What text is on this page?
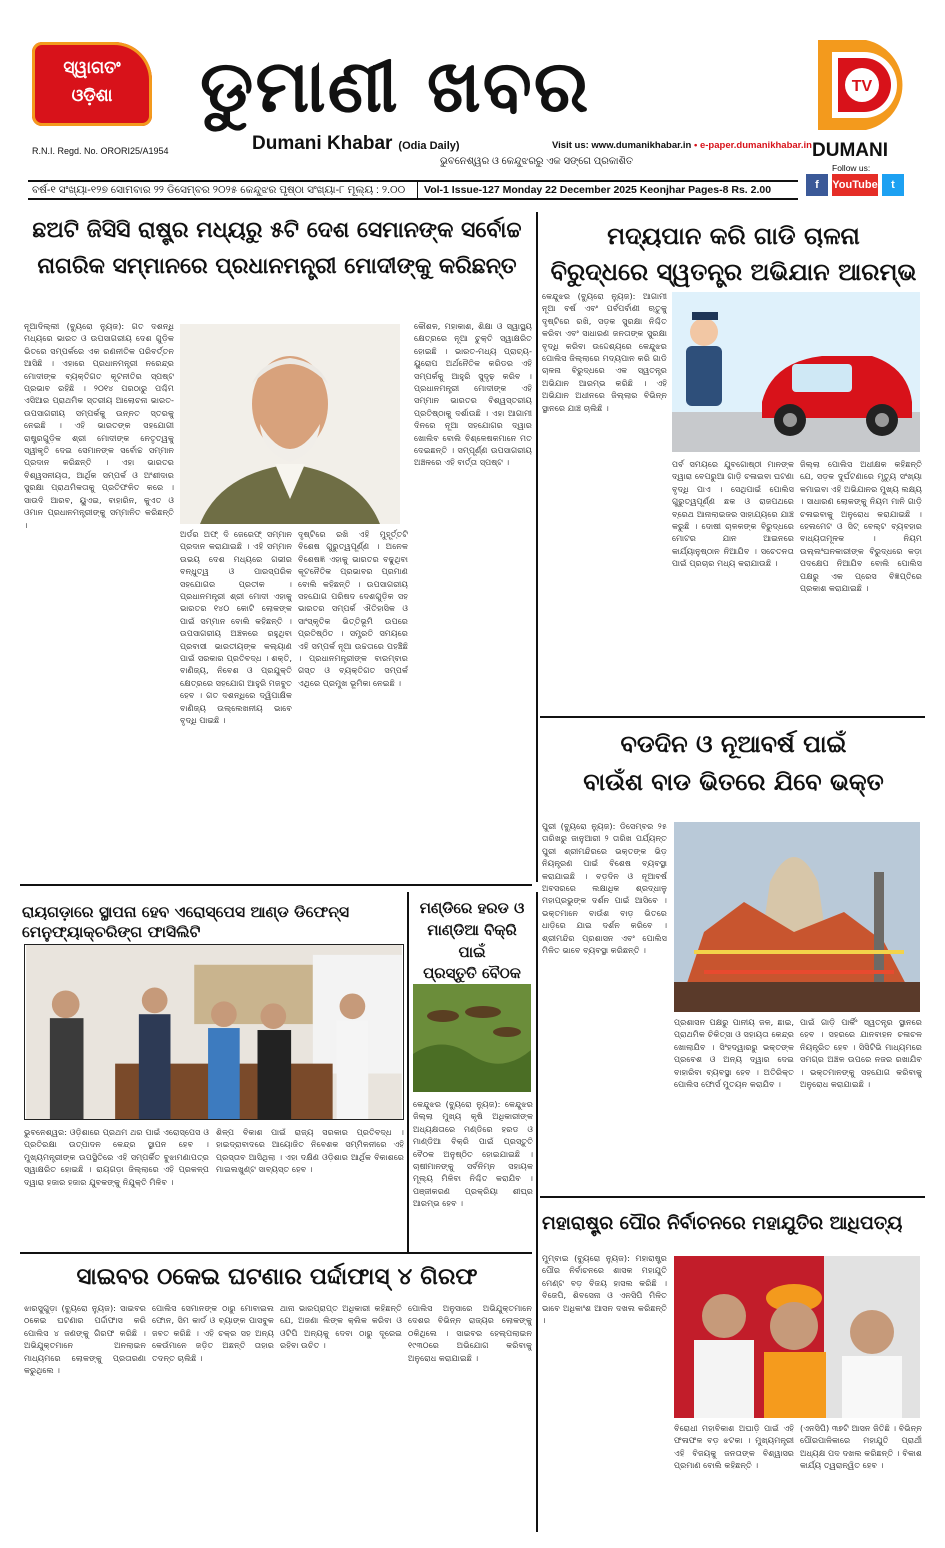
ସ୍ୱାଗତଂ
ଓଡ଼ିଶା	ଡୁମାଣୀ ଖବର
Dumani Khabar (Odia Daily)
R.N.I. Regd. No. ORORI25/A1954	Visit us: www.dumanikhabar.in • e-paper.dumanikhabar.in
ଭୁବନେଶ୍ୱର ଓ କେନ୍ଦୁଝରରୁ ଏକ ସଙ୍ଗେ ପ୍ରକାଶିତ
TV
DUMANI
Follow us:
f	YouTube	t
ବର୍ଷ-୧ ସଂଖ୍ୟା-୧୨୭ ସୋମବାର ୨୨ ଡିସେମ୍ବର ୨୦୨୫ କେନ୍ଦୁଝର ପୃଷ୍ଠା ସଂଖ୍ୟା-୮ ମୂଲ୍ୟ : ୨.୦୦	Vol-1 Issue-127 Monday 22 December 2025 Keonjhar Pages-8 Rs. 2.00
ଛଅଟି ଜିସିସି ରାଷ୍ଟ୍ର ମଧ୍ୟରୁ ୫ଟି ଦେଶ ସେମାନଙ୍କ ସର୍ବୋଚ୍ଚ
ନାଗରିକ ସମ୍ମାନରେ ପ୍ରଧାନମନ୍ତ୍ରୀ ମୋଦୀଙ୍କୁ କରିଛନ୍ତ
ନୂଆଦିଲ୍ଲୀ (ବ୍ୟୁରୋ ନ୍ୟୁଜ): ଗତ ଦଶନ୍ଧି ମଧ୍ୟରେ ଭାରତ ଓ ଉପସାଗରୀୟ ଦେଶ ଗୁଡ଼ିକ ଭିତରେ ସମ୍ପର୍କରେ ଏକ ରଣନୀତିକ ପରିବର୍ତ୍ତନ ଆସିଛି । ଏହାରେ ପ୍ରଧାନମନ୍ତ୍ରୀ ନରେନ୍ଦ୍ର ମୋଦୀଙ୍କ ବ୍ୟକ୍ତିଗତ କୂଟନୀତିର ସ୍ପଷ୍ଟ ପ୍ରଭାବ ରହିଛି । ୨୦୧୪ ପରଠାରୁ ପଶ୍ଚିମ ଏସିଆର ପ୍ରାଥମିକ ସ୍ତରୀୟ ଆଲୋଚନା ଭାରତ-ଉପସାଗରୀୟ ସମ୍ପର୍କକୁ ଉନ୍ନତ ସ୍ତରକୁ ନେଇଛି । ଏହି ଭାରତଙ୍କ ସହଯୋଗୀ ରାଷ୍ଟ୍ରଗୁଡ଼ିକ ଶ୍ରୀ ମୋଦୀଙ୍କ ନେତୃତ୍ୱକୁ ସ୍ୱୀକୃତି ଦେଇ ସେମାନଙ୍କ ସର୍ବୋଚ୍ଚ ସମ୍ମାନ ପ୍ରଦାନ କରିଛନ୍ତି । ଏହା ଭାରତର ବିଶ୍ୱସନୀୟତା, ଆର୍ଥିକ ସମ୍ପର୍କ ଓ ଅଂଶୀଦାର ସୁରକ୍ଷା ପ୍ରାଥମିକତାକୁ ପ୍ରତିଫଳିତ କରେ । ସାଉଦି ଆରବ, ୟୁଏଇ, ବାହାରିନ, କୁଏତ ଓ ଓମାନ ପ୍ରଧାନମନ୍ତ୍ରୀଙ୍କୁ ସମ୍ମାନିତ କରିଛନ୍ତି ।
ଅର୍ଡର ଅଫ୍ ଦି ଜେରେଫ୍ ସମ୍ମାନ ପ୍ରଦାନ କରାଯାଇଛି । ଏହି ସମ୍ମାନ ଉଭୟ ଦେଶ ମଧ୍ୟରେ ଗଭୀର ବନ୍ଧୁତ୍ୱ ଓ ପାରସ୍ପରିକ ସହଯୋଗର ପ୍ରତୀକ । ପ୍ରଧାନମନ୍ତ୍ରୀ ଶ୍ରୀ ମୋଦୀ ଏହାକୁ ଭାରତର ୧୪୦ କୋଟି ଲୋକଙ୍କ ପାଇଁ ସମ୍ମାନ ବୋଲି କହିଛନ୍ତି । ଉପସାଗରୀୟ ଅଞ୍ଚଳରେ ରହୁଥିବା ପ୍ରବାସୀ ଭାରତୀୟଙ୍କ କଲ୍ୟାଣ ପାଇଁ ସରକାର ପ୍ରତିବଦ୍ଧ । ଶକ୍ତି, ବାଣିଜ୍ୟ, ନିବେଶ ଓ ପ୍ରଯୁକ୍ତି କ୍ଷେତ୍ରରେ ସହଯୋଗ ଆହୁରି ମଜବୁତ ହେବ । ଗତ ଦଶନ୍ଧିରେ ଦ୍ୱିପାକ୍ଷିକ ବାଣିଜ୍ୟ ଉଲ୍ଲେଖନୀୟ ଭାବେ ବୃଦ୍ଧି ପାଇଛି ।
ଦୃଷ୍ଟିରେ ରଖି ଏହି ମୁହୂର୍ତ୍ତଟି ବିଶେଷ ଗୁରୁତ୍ୱପୂର୍ଣ୍ଣ । ଅନେକ ବିଶେଷଜ୍ଞ ଏହାକୁ ଭାରତର ବଢୁଥିବା କୂଟନୈତିକ ପ୍ରଭାବର ପ୍ରମାଣ ବୋଲି କହିଛନ୍ତି । ଉପସାଗରୀୟ ସହଯୋଗ ପରିଷଦ ଦେଶଗୁଡ଼ିକ ସହ ଭାରତର ସମ୍ପର୍କ ଐତିହାସିକ ଓ ସାଂସ୍କୃତିକ ଭିତ୍ତିଭୂମି ଉପରେ ପ୍ରତିଷ୍ଠିତ । ସମ୍ପ୍ରତି ସମୟରେ ଏହି ସମ୍ପର୍କ ନୂଆ ଉଚ୍ଚତାରେ ପହଞ୍ଚିଛି । ପ୍ରଧାନମନ୍ତ୍ରୀଙ୍କ ବାରମ୍ବାର ଗସ୍ତ ଓ ବ୍ୟକ୍ତିଗତ ସମ୍ପର୍କ ଏଥିରେ ପ୍ରମୁଖ ଭୂମିକା ନେଇଛି ।
କୌଶଳ, ମହାକାଶ, ଶିକ୍ଷା ଓ ସ୍ୱାସ୍ଥ୍ୟ କ୍ଷେତ୍ରରେ ନୂଆ ଚୁକ୍ତି ସ୍ୱାକ୍ଷରିତ ହୋଇଛି । ଭାରତ-ମଧ୍ୟ ପ୍ରାଚ୍ୟ-ୟୁରୋପ ଅର୍ଥନୈତିକ କରିଡର ଏହି ସମ୍ପର୍କକୁ ଆହୁରି ସୁଦୃଢ଼ କରିବ । ପ୍ରଧାନମନ୍ତ୍ରୀ ମୋଦୀଙ୍କ ଏହି ସମ୍ମାନ ଭାରତର ବିଶ୍ୱସ୍ତରୀୟ ପ୍ରତିଷ୍ଠାକୁ ଦର୍ଶାଉଛି । ଏହା ଆଗାମୀ ଦିନରେ ନୂଆ ସହଯୋଗର ଦ୍ୱାର ଖୋଲିବ ବୋଲି ବିଶ୍ଳେଷକମାନେ ମତ ଦେଇଛନ୍ତି । ସମ୍ପୂର୍ଣ୍ଣ ଉପସାଗରୀୟ ଅଞ୍ଚଳରେ ଏହି ବାର୍ତ୍ତା ସ୍ପଷ୍ଟ ।
ମଦ୍ୟପାନ କରି ଗାଡି ଚାଳନା
ବିରୁଦ୍ଧରେ ସ୍ୱତନ୍ତ୍ର ଅଭିଯାନ ଆରମ୍ଭ
କେନ୍ଦୁଝର (ବ୍ୟୁରୋ ନ୍ୟୁଜ): ଆଗାମୀ ନୂଆ ବର୍ଷ ଏବଂ ପର୍ବପର୍ବାଣୀ ଋତୁକୁ ଦୃଷ୍ଟିରେ ରଖି, ସଡ଼କ ସୁରକ୍ଷା ନିଶ୍ଚିତ କରିବା ଏବଂ ସାଧାରଣ ଜନତାଙ୍କ ସୁରକ୍ଷା ବୃଦ୍ଧି କରିବା ଉଦ୍ଦେଶ୍ୟରେ କେନ୍ଦୁଝର ପୋଲିସ ଜିଲ୍ଲାରେ ମଦ୍ୟପାନ କରି ଗାଡି ଚାଳନା ବିରୁଦ୍ଧରେ ଏକ ସ୍ୱତନ୍ତ୍ର ଅଭିଯାନ ଆରମ୍ଭ କରିଛି । ଏହି ଅଭିଯାନ ଅଧୀନରେ ଜିଲ୍ଲାର ବିଭିନ୍ନ ସ୍ଥାନରେ ଯାଞ୍ଚ ଚାଲିଛି ।
ପର୍ବ ସମୟରେ ଯୁବଗୋଷ୍ଠୀ ମାନଙ୍କ ଦ୍ୱାରା ବେପରୁଆ ଗାଡ଼ି ଚଳାଇବା ଘଟଣା ବୃଦ୍ଧି ପାଏ । ସେଥିପାଇଁ ପୋଲିସ ଗୁରୁତ୍ୱପୂର୍ଣ୍ଣ ଛକ ଓ ରାଜପଥରେ ବ୍ରେଥ ଆନାଲାଇଜର ସାହାଯ୍ୟରେ ଯାଞ୍ଚ କରୁଛି । ଦୋଷୀ ଚାଳକଙ୍କ ବିରୁଦ୍ଧରେ ମୋଟର ଯାନ ଆଇନରେ କାର୍ଯ୍ୟାନୁଷ୍ଠାନ ନିଆଯିବ । ସଚେତନତା ପାଇଁ ପ୍ରଚାର ମଧ୍ୟ କରାଯାଉଛି ।
ଜିଲ୍ଲା ପୋଲିସ ଅଧୀକ୍ଷକ କହିଛନ୍ତି ଯେ, ସଡ଼କ ଦୁର୍ଘଟଣାରେ ମୃତ୍ୟୁ ସଂଖ୍ୟା କମାଇବା ଏହି ଅଭିଯାନର ମୁଖ୍ୟ ଲକ୍ଷ୍ୟ । ସାଧାରଣ ଲୋକଙ୍କୁ ନିୟମ ମାନି ଗାଡ଼ି ଚଳାଇବାକୁ ଅନୁରୋଧ କରାଯାଇଛି । ହେଲମେଟ ଓ ସିଟ୍ ବେଲ୍ଟ ବ୍ୟବହାର ବାଧ୍ୟତାମୂଳକ । ନିୟମ ଉଲ୍ଲଂଘନକାରୀଙ୍କ ବିରୁଦ୍ଧରେ କଡ଼ା ପଦକ୍ଷେପ ନିଆଯିବ ବୋଲି ପୋଲିସ ପକ୍ଷରୁ ଏକ ପ୍ରେସ ବିଜ୍ଞପ୍ତିରେ ପ୍ରକାଶ କରାଯାଇଛି ।
ବଡଦିନ ଓ ନୂଆବର୍ଷ ପାଇଁ
ବାଉଁଶ ବାଡ ଭିତରେ ଯିବେ ଭକ୍ତ
ପୁରୀ (ବ୍ୟୁରୋ ନ୍ୟୁଜ): ଡିସେମ୍ବର ୨୫ ତାରିଖରୁ ଜାନୁଆରୀ ୨ ତାରିଖ ପର୍ଯ୍ୟନ୍ତ ପୁରୀ ଶ୍ରୀମନ୍ଦିରରେ ଭକ୍ତଙ୍କ ଭିଡ଼ ନିୟନ୍ତ୍ରଣ ପାଇଁ ବିଶେଷ ବ୍ୟବସ୍ଥା କରାଯାଇଛି । ବଡ଼ଦିନ ଓ ନୂଆବର୍ଷ ଅବସରରେ ଲକ୍ଷାଧିକ ଶ୍ରଦ୍ଧାଳୁ ମହାପ୍ରଭୁଙ୍କ ଦର୍ଶନ ପାଇଁ ଆସିବେ । ଭକ୍ତମାନେ ବାଉଁଶ ବାଡ଼ ଭିତରେ ଧାଡ଼ିରେ ଯାଇ ଦର୍ଶନ କରିବେ । ଶ୍ରୀମନ୍ଦିର ପ୍ରଶାସନ ଏବଂ ପୋଲିସ ମିଳିତ ଭାବେ ବ୍ୟବସ୍ଥା କରିଛନ୍ତି ।
ପ୍ରଶାସନ ପକ୍ଷରୁ ପାନୀୟ ଜଳ, ଛାଇ, ପ୍ରାଥମିକ ଚିକିତ୍ସା ଓ ସହାୟତା କେନ୍ଦ୍ର ଖୋଲାଯିବ । ସିଂହଦ୍ୱାରରୁ ଭକ୍ତଙ୍କ ପ୍ରବେଶ ଓ ଅନ୍ୟ ଦ୍ୱାର ଦେଇ ବାହାରିବା ବ୍ୟବସ୍ଥା ହେବ । ଅତିରିକ୍ତ ପୋଲିସ ଫୋର୍ସ ମୁତୟନ କରାଯିବ ।
ପାଇଁ ଗାଡ଼ି ପାର୍କିଂ ସ୍ୱତନ୍ତ୍ର ସ୍ଥାନରେ ହେବ । ସହରରେ ଯାନବାହନ ଚଳାଚଳ ନିୟନ୍ତ୍ରିତ ହେବ । ସିସିଟିଭି ମାଧ୍ୟମରେ ସମଗ୍ର ଅଞ୍ଚଳ ଉପରେ ନଜର ରଖାଯିବ । ଭକ୍ତମାନଙ୍କୁ ସହଯୋଗ କରିବାକୁ ଅନୁରୋଧ କରାଯାଇଛି ।
ରାୟଗଡ଼ାରେ ସ୍ଥାପନା ହେବ ଏରୋସ୍ପେସ ଆଣ୍ଡ ଡିଫେନ୍ସ ମେନୁଫ୍ୟାକ୍ଚରିଙ୍ଗ ଫାସିଲିଟି
ଭୁବନେଶ୍ୱର: ଓଡ଼ିଶାରେ ପ୍ରଥମ ଥର ପାଇଁ ଏରୋସ୍ପେସ ଓ ପ୍ରତିରକ୍ଷା ଉତ୍ପାଦନ କେନ୍ଦ୍ର ସ୍ଥାପନ ହେବ । ମୁଖ୍ୟମନ୍ତ୍ରୀଙ୍କ ଉପସ୍ଥିତିରେ ଏହି ସମ୍ପର୍କିତ ବୁଝାମଣାପତ୍ର ସ୍ୱାକ୍ଷରିତ ହୋଇଛି । ରାୟଗଡ଼ା ଜିଲ୍ଲାରେ ଏହି ପ୍ରକଳ୍ପ ଦ୍ୱାରା ହଜାର ହଜାର ଯୁବକଙ୍କୁ ନିଯୁକ୍ତି ମିଳିବ ।
ଶିଳ୍ପ ବିକାଶ ପାଇଁ ରାଜ୍ୟ ସରକାର ପ୍ରତିବଦ୍ଧ । ହାଇଦ୍ରାବାଦରେ ଆୟୋଜିତ ନିବେଶକ ସମ୍ମିଳନୀରେ ଏହି ପ୍ରସ୍ତାବ ଆସିଥିଲା । ଏହା ଦକ୍ଷିଣ ଓଡ଼ିଶାର ଆର୍ଥିକ ବିକାଶରେ ମାଇଲଖୁଣ୍ଟ ସାବ୍ୟସ୍ତ ହେବ ।
ମଣ୍ଡିରେ ହରଡ ଓ
ମାଣ୍ଡିଆ ବିକ୍ରି ପାଇଁ
ପ୍ରସ୍ତୁତି ବୈଠକ
କେନ୍ଦୁଝର (ବ୍ୟୁରୋ ନ୍ୟୁଜ): କେନ୍ଦୁଝର ଜିଲ୍ଲା ମୁଖ୍ୟ କୃଷି ଅଧିକାରୀଙ୍କ ଅଧ୍ୟକ୍ଷତାରେ ମଣ୍ଡିରେ ହରଡ ଓ ମାଣ୍ଡିଆ ବିକ୍ରି ପାଇଁ ପ୍ରସ୍ତୁତି ବୈଠକ ଅନୁଷ୍ଠିତ ହୋଇଯାଇଛି । ଚାଷୀମାନଙ୍କୁ ସର୍ବନିମ୍ନ ସହାୟକ ମୂଲ୍ୟ ମିଳିବା ନିଶ୍ଚିତ କରାଯିବ । ପଞ୍ଜୀକରଣ ପ୍ରକ୍ରିୟା ଶୀଘ୍ର ଆରମ୍ଭ ହେବ ।
ସାଇବର ଠକେଇ ଘଟଣାର ପର୍ଦ୍ଦାଫାସ୍ ୪ ଗିରଫ
ଝାରସୁଗୁଡ଼ା (ବ୍ୟୁରୋ ନ୍ୟୁଜ): ସାଇବର ଠକେଇ ଘଟଣାର ପର୍ଦ୍ଦାଫାସ କରି ପୋଲିସ ୪ ଜଣଙ୍କୁ ଗିରଫ କରିଛି । ଅଭିଯୁକ୍ତମାନେ ଅନଲାଇନ ମାଧ୍ୟମରେ ଲୋକଙ୍କୁ ପ୍ରତାରଣା କରୁଥିଲେ ।
ପୋଲିସ ସେମାନଙ୍କ ଠାରୁ ମୋବାଇଲ ଫୋନ, ସିମ କାର୍ଡ ଓ ବ୍ୟାଙ୍କ ପାସବୁକ ଜବତ କରିଛି । ଏହି ଚକ୍ର ସହ ଅନ୍ୟ କେଉଁମାନେ ଜଡ଼ିତ ଅଛନ୍ତି ତାହାର ତଦନ୍ତ ଚାଲିଛି ।
ଥାନା ଭାରପ୍ରାପ୍ତ ଅଧିକାରୀ କହିଛନ୍ତି ଯେ, ଅଜଣା ଲିଙ୍କ କ୍ଲିକ କରିବା ଓ ଓଟିପି ଅନ୍ୟକୁ ଦେବା ଠାରୁ ଦୂରେଇ ରହିବା ଉଚିତ ।
ପୋଲିସ ଅନୁସାରେ ଅଭିଯୁକ୍ତମାନେ ଦେଶର ବିଭିନ୍ନ ରାଜ୍ୟର ଲୋକଙ୍କୁ ଠକିଥିଲେ । ସାଇବର ହେଲ୍ପଲାଇନ ୧୯୩୦ରେ ଅଭିଯୋଗ କରିବାକୁ ଅନୁରୋଧ କରାଯାଇଛି ।
ମହାରାଷ୍ଟ୍ର ପୌର ନିର୍ବାଚନରେ ମହାଯୁତିର ଆଧିପତ୍ୟ
ମୁମ୍ବାଇ (ବ୍ୟୁରୋ ନ୍ୟୁଜ): ମହାରାଷ୍ଟ୍ର ପୌର ନିର୍ବାଚନରେ ଶାସକ ମହାଯୁତି ମେଣ୍ଟ ବଡ଼ ବିଜୟ ହାସଲ କରିଛି । ବିଜେପି, ଶିବସେନା ଓ ଏନସିପି ମିଳିତ ଭାବେ ଅଧିକାଂଶ ଆସନ ଦଖଲ କରିଛନ୍ତି ।
ବିରୋଧୀ ମହାବିକାଶ ଅଘାଡ଼ି ପାଇଁ ଏହି ଫଳାଫଳ ବଡ଼ ଝଟକା । ମୁଖ୍ୟମନ୍ତ୍ରୀ ଏହି ବିଜୟକୁ ଜନତାଙ୍କ ବିଶ୍ୱାସର ପ୍ରମାଣ ବୋଲି କହିଛନ୍ତି ।
(ଏନସିପି) ୩୭ଟି ଆସନ ଜିତିଛି । ବିଭିନ୍ନ ପୌରପାଳିକାରେ ମହାଯୁତି ପ୍ରାର୍ଥୀ ଅଧ୍ୟକ୍ଷ ପଦ ଦଖଲ କରିଛନ୍ତି । ବିକାଶ କାର୍ଯ୍ୟ ତ୍ୱରାନ୍ୱିତ ହେବ ।
